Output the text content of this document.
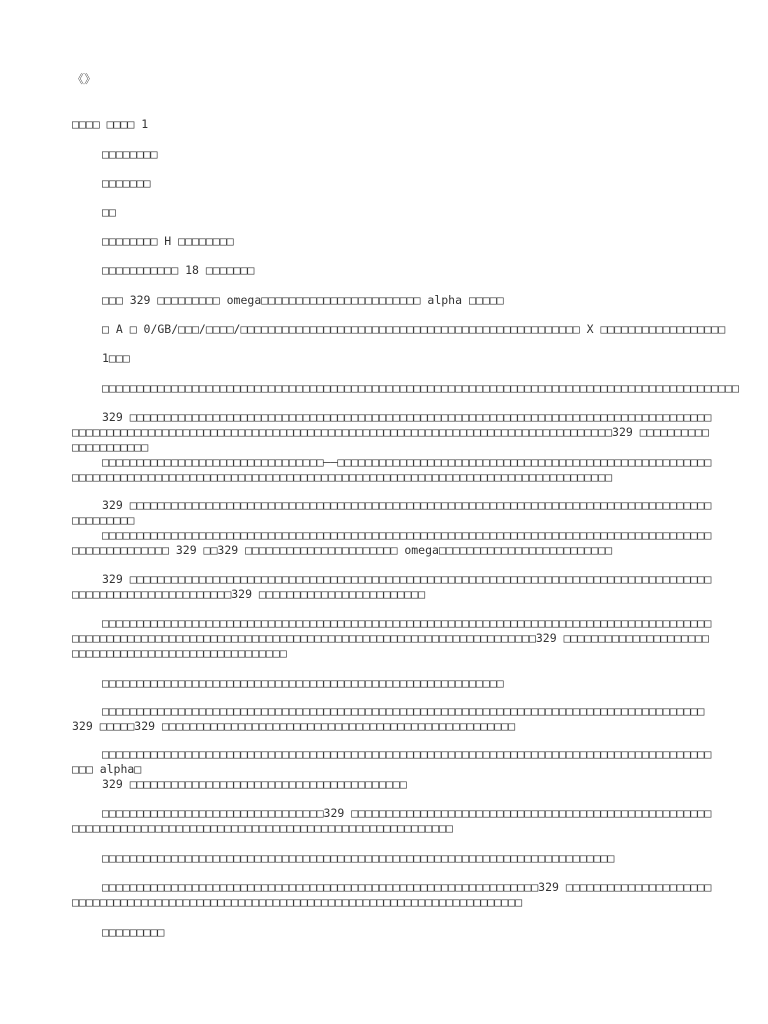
《》
□□□□ □□□□ 1
□□□□□□□□
□□□□□□□
□□
□□□□□□□□ H □□□□□□□□
□□□□□□□□□□□ 18 □□□□□□□
□□□ 329 □□□□□□□□□ omega□□□□□□□□□□□□□□□□□□□□□□□ alpha □□□□□
□ A □ 0/GB/□□□/□□□□/□□□□□□□□□□□□□□□□□□□□□□□□□□□□□□□□□□□□□□□□□□□□□□□□□ X □□□□□□□□□□□□□□□□□□
1□□□
□□□□□□□□□□□□□□□□□□□□□□□□□□□□□□□□□□□□□□□□□□□□□□□□□□□□□□□□□□□□□□□□□□□□□□□□□□□□□□□□□□□□□□□□□□□□
329 □□□□□□□□□□□□□□□□□□□□□□□□□□□□□□□□□□□□□□□□□□□□□□□□□□□□□□□□□□□□□□□□□□□□□□□□□□□□□□□□□□□□□□□□□□□□□□□□□□□□□□□□□□□□□□□□□□□□□□□□□□□□□□□□□□□□□□□□□□□□□□□□□□□□□□□□□□□□□□□□□□329 □□□□□□□□□□□□□□□□□□□□□
□□□□□□□□□□□□□□□□□□□□□□□□□□□□□□□□——□□□□□□□□□□□□□□□□□□□□□□□□□□□□□□□□□□□□□□□□□□□□□□□□□□□□□□□□□□□□□□□□□□□□□□□□□□□□□□□□□□□□□□□□□□□□□□□□□□□□□□□□□□□□□□□□□□□□□□□□□□□□□□□□□□□□
329 □□□□□□□□□□□□□□□□□□□□□□□□□□□□□□□□□□□□□□□□□□□□□□□□□□□□□□□□□□□□□□□□□□□□□□□□□□□□□□□□□□□□□□□□□□□□□
□□□□□□□□□□□□□□□□□□□□□□□□□□□□□□□□□□□□□□□□□□□□□□□□□□□□□□□□□□□□□□□□□□□□□□□□□□□□□□□□□□□□□□□□□□□□□□□□□□□□□□ 329 □□329 □□□□□□□□□□□□□□□□□□□□□□ omega□□□□□□□□□□□□□□□□□□□□□□□□□
329 □□□□□□□□□□□□□□□□□□□□□□□□□□□□□□□□□□□□□□□□□□□□□□□□□□□□□□□□□□□□□□□□□□□□□□□□□□□□□□□□□□□□□□□□□□□□□□□□□□□□□□□□□□□329 □□□□□□□□□□□□□□□□□□□□□□□□
□□□□□□□□□□□□□□□□□□□□□□□□□□□□□□□□□□□□□□□□□□□□□□□□□□□□□□□□□□□□□□□□□□□□□□□□□□□□□□□□□□□□□□□□□□□□□□□□□□□□□□□□□□□□□□□□□□□□□□□□□□□□□□□□□□□□□□□□□□□□□□□□□□□□□□□□□□□329 □□□□□□□□□□□□□□□□□□□□□□□□□□□□□□□□□□□□□□□□□□□□□□□□□□□□
□□□□□□□□□□□□□□□□□□□□□□□□□□□□□□□□□□□□□□□□□□□□□□□□□□□□□□□□□□
□□□□□□□□□□□□□□□□□□□□□□□□□□□□□□□□□□□□□□□□□□□□□□□□□□□□□□□□□□□□□□□□□□□□□□□□□□□□□□□□□□□□□□□ 329 □□□□□329 □□□□□□□□□□□□□□□□□□□□□□□□□□□□□□□□□□□□□□□□□□□□□□□□□□□
□□□□□□□□□□□□□□□□□□□□□□□□□□□□□□□□□□□□□□□□□□□□□□□□□□□□□□□□□□□□□□□□□□□□□□□□□□□□□□□□□□□□□□□□□□□ alpha□
329 □□□□□□□□□□□□□□□□□□□□□□□□□□□□□□□□□□□□□□□□
□□□□□□□□□□□□□□□□□□□□□□□□□□□□□□□□329 □□□□□□□□□□□□□□□□□□□□□□□□□□□□□□□□□□□□□□□□□□□□□□□□□□□□□□□□□□□□□□□□□□□□□□□□□□□□□□□□□□□□□□□□□□□□□□□□□□□□□□□□□□□
□□□□□□□□□□□□□□□□□□□□□□□□□□□□□□□□□□□□□□□□□□□□□□□□□□□□□□□□□□□□□□□□□□□□□□□□□□
□□□□□□□□□□□□□□□□□□□□□□□□□□□□□□□□□□□□□□□□□□□□□□□□□□□□□□□□□□□□□□□329 □□□□□□□□□□□□□□□□□□□□□□□□□□□□□□□□□□□□□□□□□□□□□□□□□□□□□□□□□□□□□□□□□□□□□□□□□□□□□□□□□□□□□□
□□□□□□□□□
